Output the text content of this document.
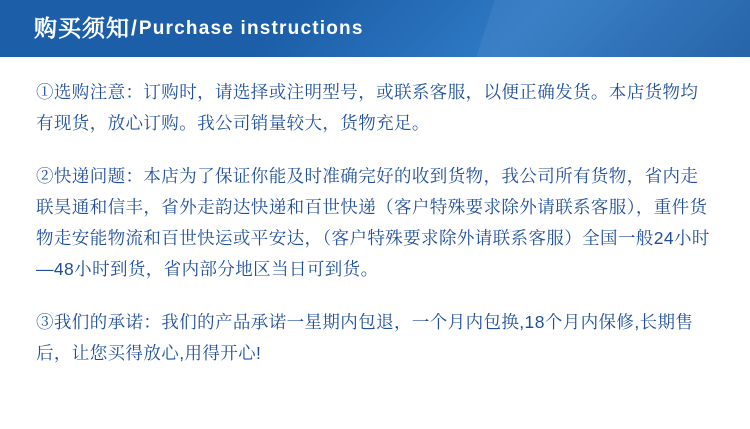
购买须知 / Purchase instructions

①选购注意：订购时，请选择或注明型号，或联系客服，以便正确发货。本店货物均有现货，放心订购。我公司销量较大，货物充足。

②快递问题：本店为了保证你能及时准确完好的收到货物，我公司所有货物，省内走联昊通和信丰，省外走韵达快递和百世快递（客户特殊要求除外请联系客服），重件货物走安能物流和百世快运或平安达，（客户特殊要求除外请联系客服）全国一般24小时—48小时到货，省内部分地区当日可到货。

③我们的承诺：我们的产品承诺一星期内包退，一个月内包换,18个月内保修,长期售后，让您买得放心,用得开心!
